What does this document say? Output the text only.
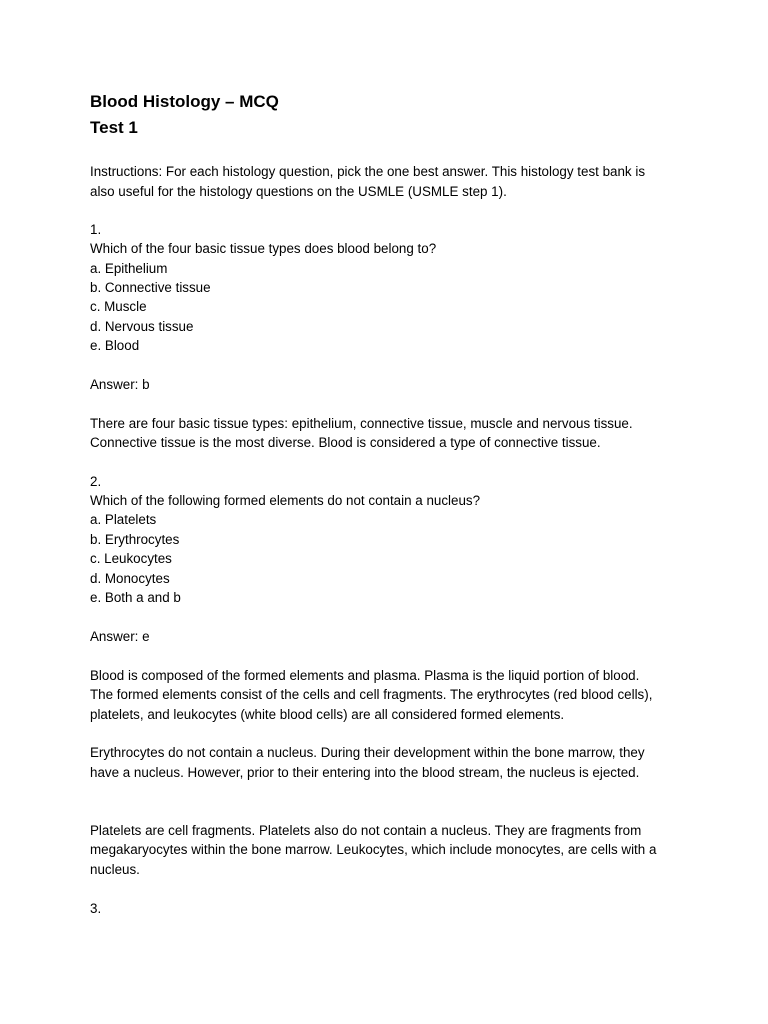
Blood Histology – MCQ
Test 1
Instructions: For each histology question, pick the one best answer. This histology test bank is
also useful for the histology questions on the USMLE (USMLE step 1).
1.
Which of the four basic tissue types does blood belong to?
a. Epithelium
b. Connective tissue
c. Muscle
d. Nervous tissue
e. Blood
Answer: b
There are four basic tissue types: epithelium, connective tissue, muscle and nervous tissue.
Connective tissue is the most diverse. Blood is considered a type of connective tissue.
2.
Which of the following formed elements do not contain a nucleus?
a. Platelets
b. Erythrocytes
c. Leukocytes
d. Monocytes
e. Both a and b
Answer: e
Blood is composed of the formed elements and plasma. Plasma is the liquid portion of blood.
The formed elements consist of the cells and cell fragments. The erythrocytes (red blood cells),
platelets, and leukocytes (white blood cells) are all considered formed elements.
Erythrocytes do not contain a nucleus. During their development within the bone marrow, they
have a nucleus. However, prior to their entering into the blood stream, the nucleus is ejected.
Platelets are cell fragments. Platelets also do not contain a nucleus. They are fragments from
megakaryocytes within the bone marrow. Leukocytes, which include monocytes, are cells with a
nucleus.
3.
